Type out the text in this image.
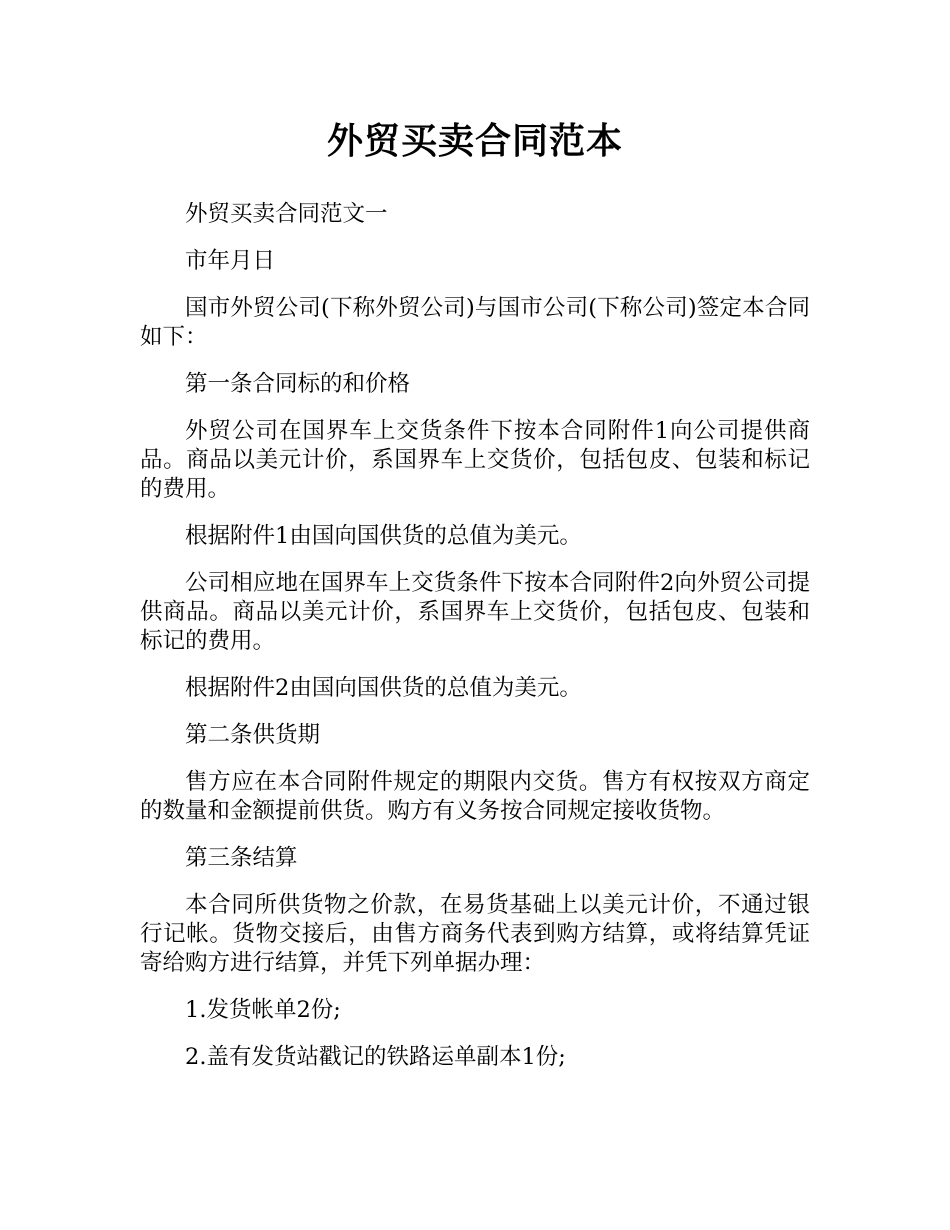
外贸买卖合同范本

外贸买卖合同范文一

市年月日

国市外贸公司(下称外贸公司)与国市公司(下称公司)签定本合同如下：

第一条合同标的和价格

外贸公司在国界车上交货条件下按本合同附件1向公司提供商品。商品以美元计价，系国界车上交货价，包括包皮、包装和标记的费用。

根据附件1由国向国供货的总值为美元。

公司相应地在国界车上交货条件下按本合同附件2向外贸公司提供商品。商品以美元计价，系国界车上交货价，包括包皮、包装和标记的费用。

根据附件2由国向国供货的总值为美元。

第二条供货期

售方应在本合同附件规定的期限内交货。售方有权按双方商定的数量和金额提前供货。购方有义务按合同规定接收货物。

第三条结算

本合同所供货物之价款，在易货基础上以美元计价，不通过银行记帐。货物交接后，由售方商务代表到购方结算，或将结算凭证寄给购方进行结算，并凭下列单据办理：

1.发货帐单2份;

2.盖有发货站戳记的铁路运单副本1份;
